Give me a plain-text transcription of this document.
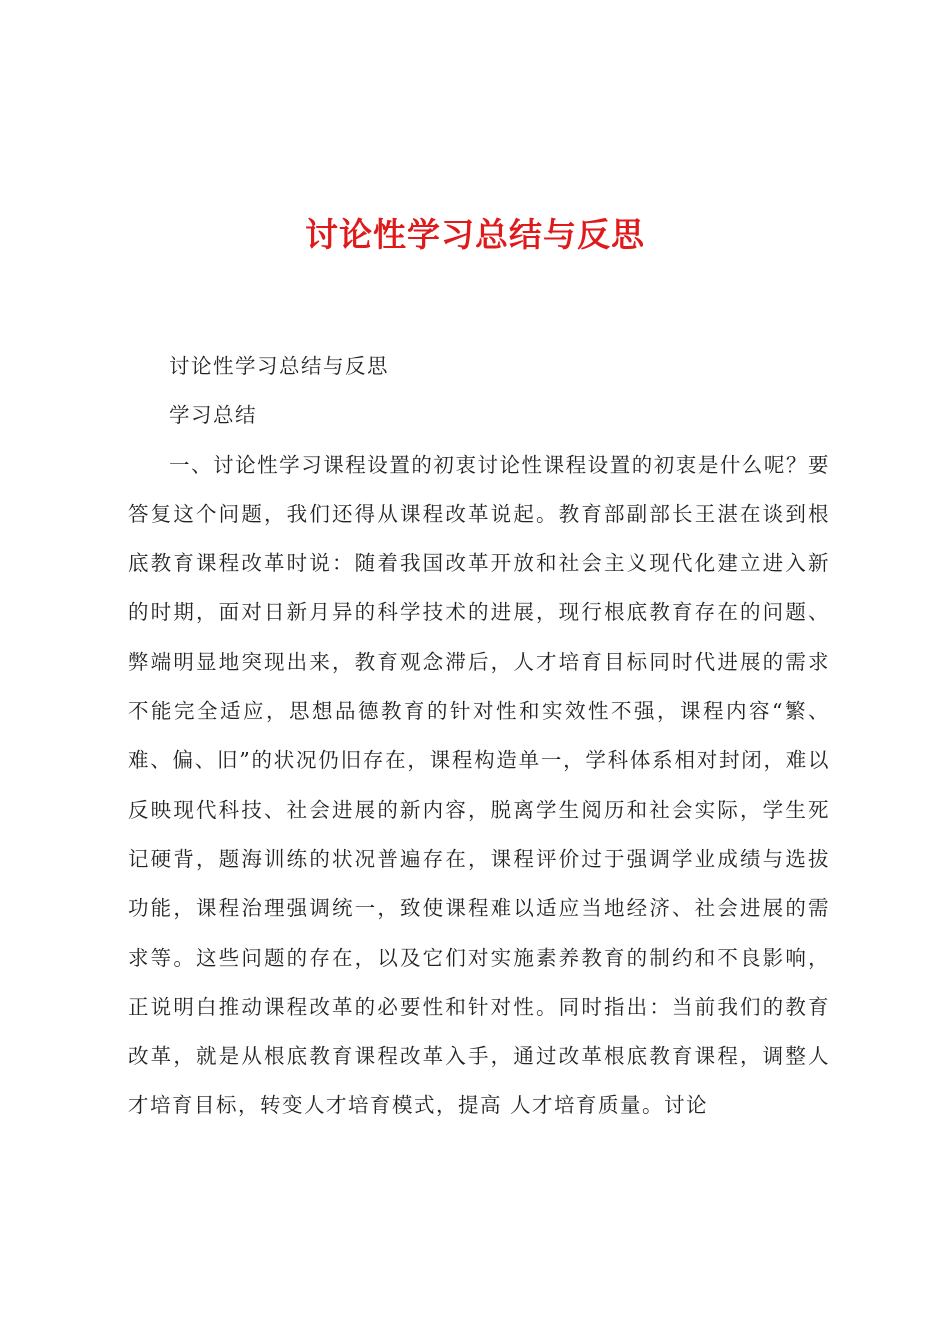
讨论性学习总结与反思

讨论性学习总结与反思

学习总结

一、讨论性学习课程设置的初衷讨论性课程设置的初衷是什么呢？要答复这个问题，我们还得从课程改革说起。教育部副部长王湛在谈到根底教育课程改革时说：随着我国改革开放和社会主义现代化建立进入新的时期，面对日新月异的科学技术的进展，现行根底教育存在的问题、弊端明显地突现出来，教育观念滞后，人才培育目标同时代进展的需求不能完全适应，思想品德教育的针对性和实效性不强，课程内容“繁、难、偏、旧”的状况仍旧存在，课程构造单一，学科体系相对封闭，难以反映现代科技、社会进展的新内容，脱离学生阅历和社会实际，学生死记硬背，题海训练的状况普遍存在，课程评价过于强调学业成绩与选拔功能，课程治理强调统一，致使课程难以适应当地经济、社会进展的需求等。这些问题的存在，以及它们对实施素养教育的制约和不良影响，正说明白推动课程改革的必要性和针对性。同时指出：当前我们的教育改革，就是从根底教育课程改革入手，通过改革根底教育课程，调整人才培育目标，转变人才培育模式，提高 人才培育质量。讨论
